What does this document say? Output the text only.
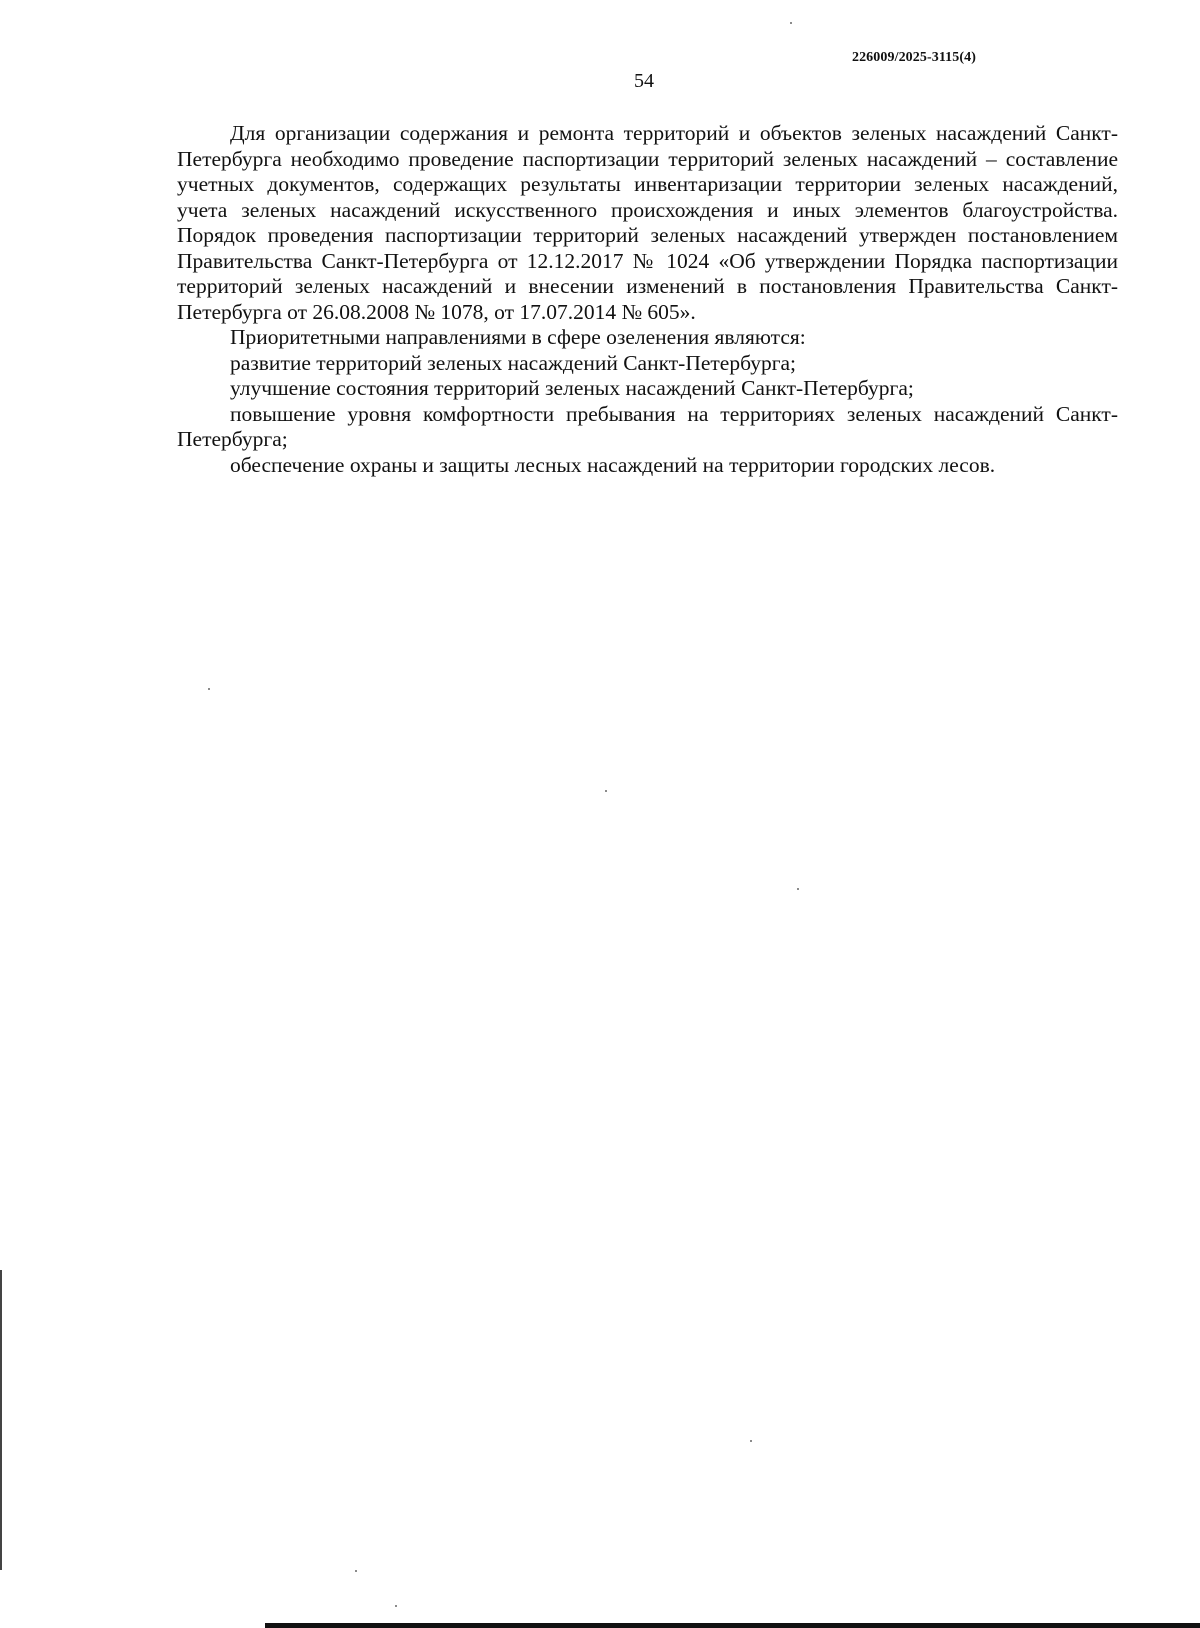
226009/2025-3115(4)
54

Для организации содержания и ремонта территорий и объектов зеленых насаждений Санкт-Петербурга необходимо проведение паспортизации территорий зеленых насаждений – составление учетных документов, содержащих результаты инвентаризации территории зеленых насаждений, учета зеленых насаждений искусственного происхождения и иных элементов благоустройства. Порядок проведения паспортизации территорий зеленых насаждений утвержден постановлением Правительства Санкт-Петербурга от 12.12.2017 № 1024 «Об утверждении Порядка паспортизации территорий зеленых насаждений и внесении изменений в постановления Правительства Санкт-Петербурга от 26.08.2008 № 1078, от 17.07.2014 № 605».

Приоритетными направлениями в сфере озеленения являются:

развитие территорий зеленых насаждений Санкт-Петербурга;

улучшение состояния территорий зеленых насаждений Санкт-Петербурга;

повышение уровня комфортности пребывания на территориях зеленых насаждений Санкт-Петербурга;

обеспечение охраны и защиты лесных насаждений на территории городских лесов.
